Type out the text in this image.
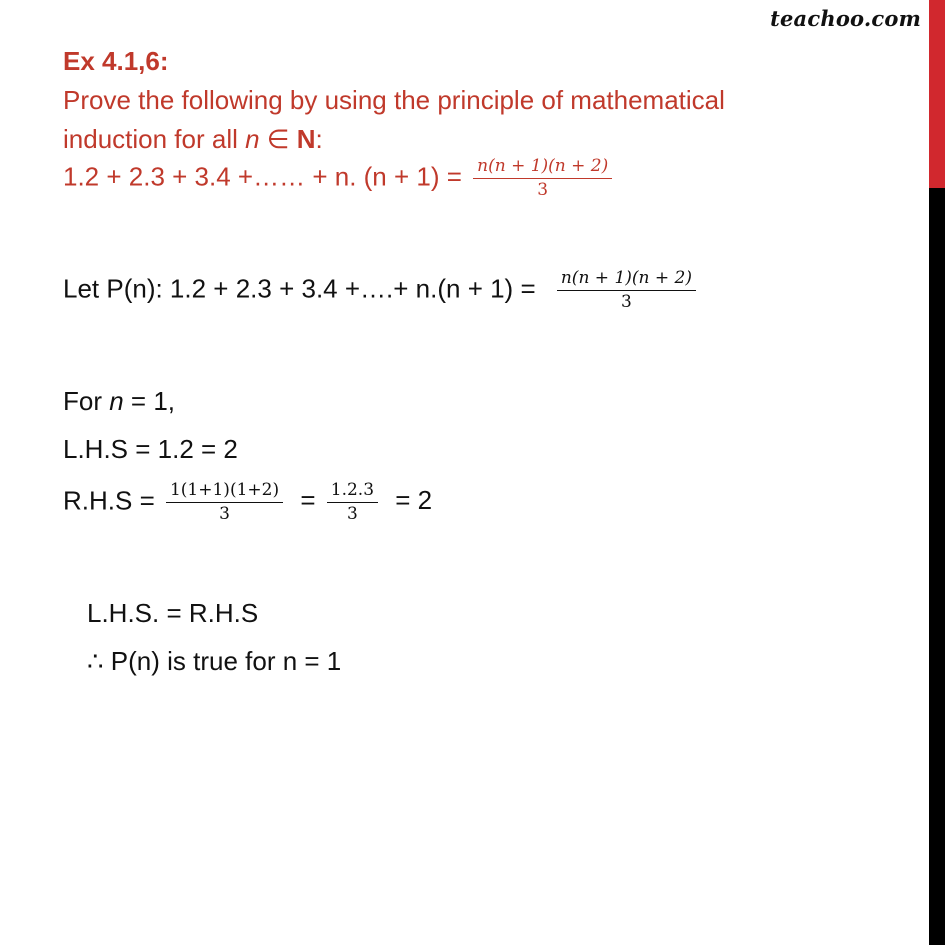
teachoo.com
Ex 4.1,6:
Prove the following by using the principle of mathematical
induction for all n ∈ N:
1.2 + 2.3 + 3.4 +…… + n. $(n + 1) = \frac{n(n + 1)(n + 2)}{3}$
Let P(n): 1.2 + 2.3 + 3.4 +….+ $n.(n + 1) = \frac{n(n + 1)(n + 2)}{3}$
For n = 1,
L.H.S = 1.2 = 2
$R.H.S = \frac{1(1+1)(1+2)}{3} = \frac{1.2.3}{3} = 2$
L.H.S. = R.H.S
∴ P(n) is true for n = 1
